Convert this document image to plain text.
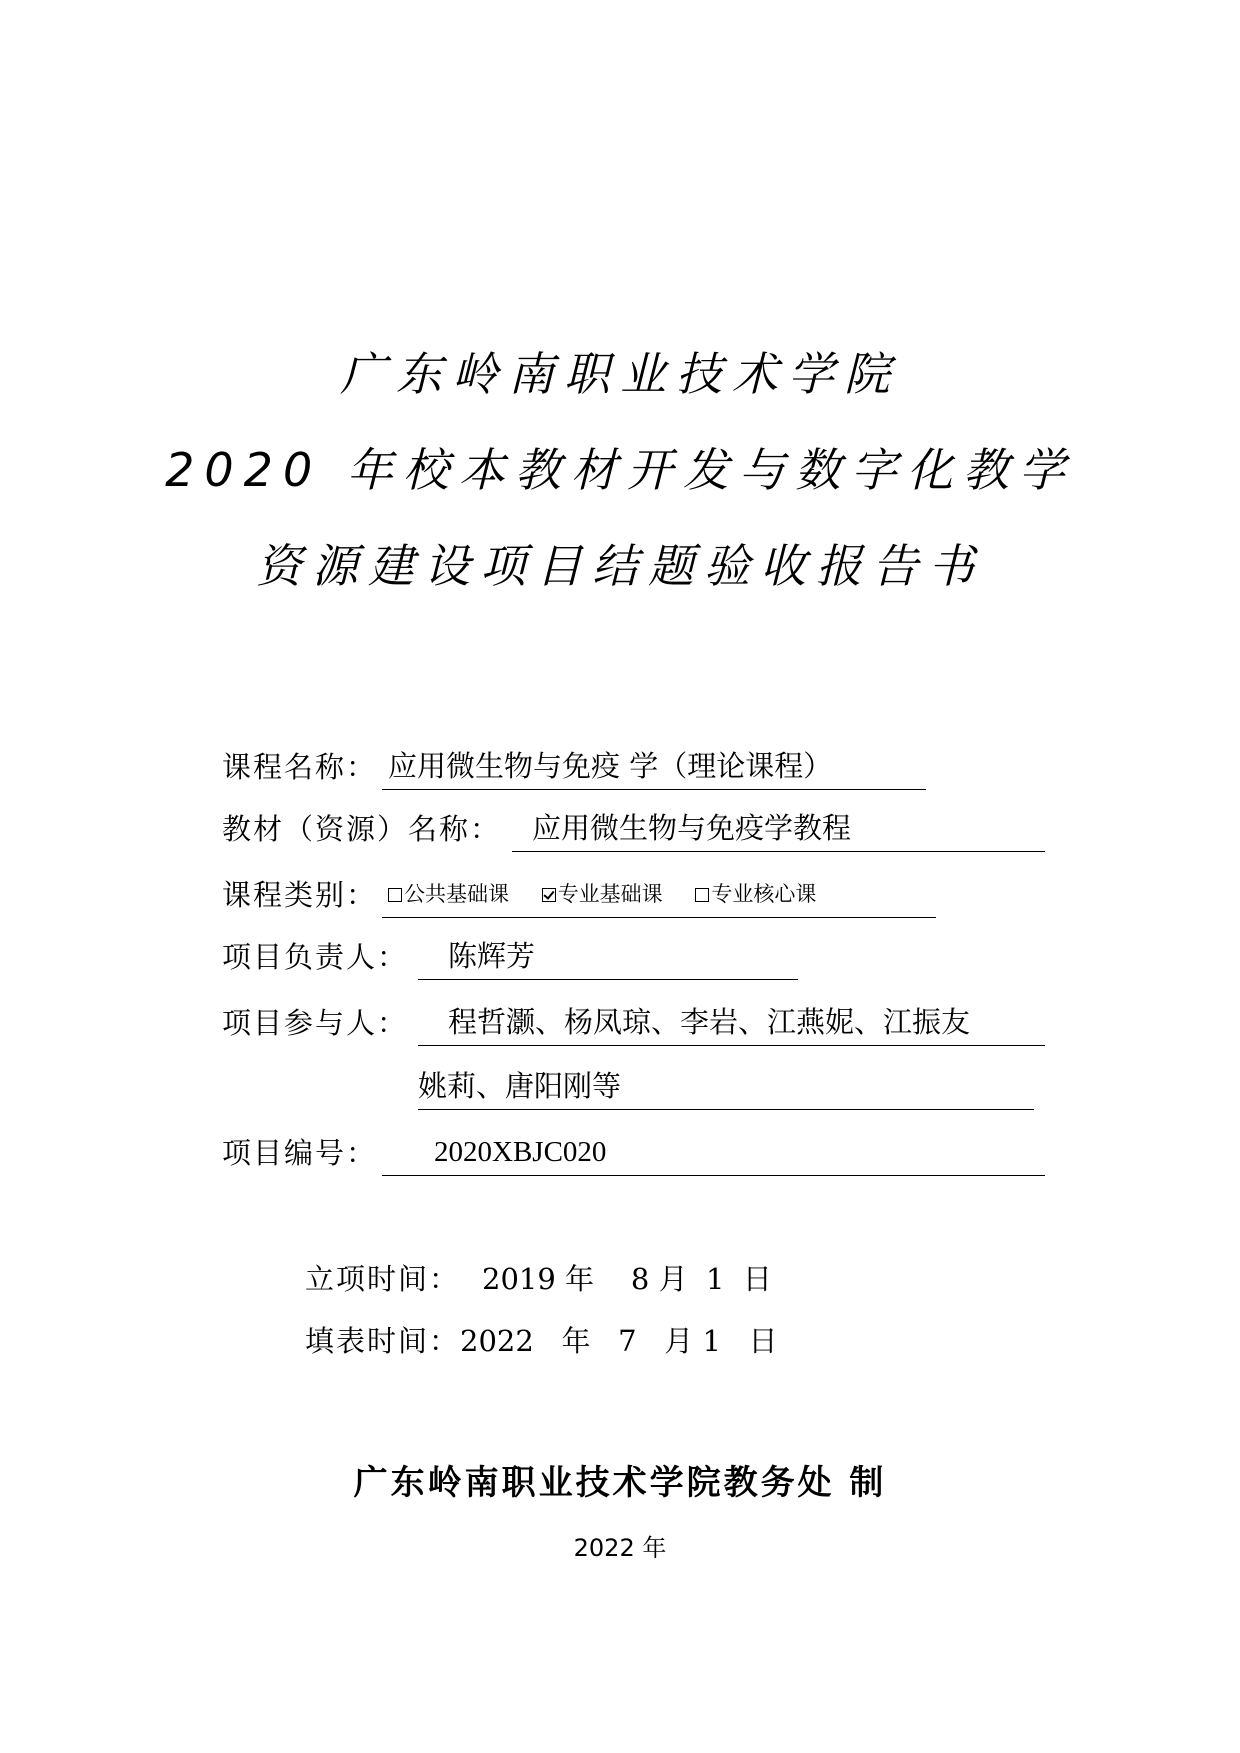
广东岭南职业技术学院
2020 年校本教材开发与数字化教学
资源建设项目结题验收报告书
课程名称： 应用微生物与免疫 学（理论课程）
教材（资源）名称：	应用微生物与免疫学教程
课程类别：	公共基础课 专业基础课 专业核心课
项目负责人：	陈辉芳
项目参与人：	程哲灏、杨凤琼、李岩、江燕妮、江振友
姚莉、唐阳刚等
项目编号：	2020XBJC020
立项时间： 2019 年    8 月  1  日
填表时间：2022   年   7   月 1   日
广东岭南职业技术学院教务处 制
2022 年
